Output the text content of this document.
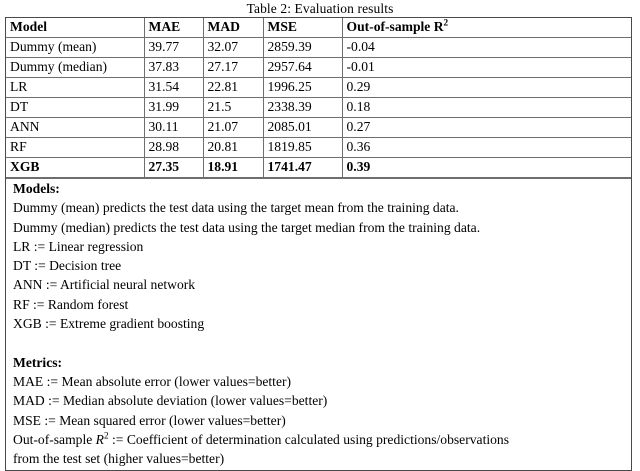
Table 2: Evaluation results
Model	MAE	MAD	MSE	Out-of-sample $R^2$
Dummy (mean)	39.77	32.07	2859.39	-0.04
Dummy (median)	37.83	27.17	2957.64	-0.01
LR	31.54	22.81	1996.25	0.29
DT	31.99	21.5	2338.39	0.18
ANN	30.11	21.07	2085.01	0.27
RF	28.98	20.81	1819.85	0.36
XGB	27.35	18.91	1741.47	0.39
Models:
Dummy (mean) predicts the test data using the target mean from the training data.
Dummy (median) predicts the test data using the target median from the training data.
LR := Linear regression
DT := Decision tree
ANN := Artificial neural network
RF := Random forest
XGB := Extreme gradient boosting

Metrics:
MAE := Mean absolute error (lower values=better)
MAD := Median absolute deviation (lower values=better)
MSE := Mean squared error (lower values=better)
Out-of-sample $R^2$ := Coefficient of determination calculated using predictions/observations
from the test set (higher values=better)
